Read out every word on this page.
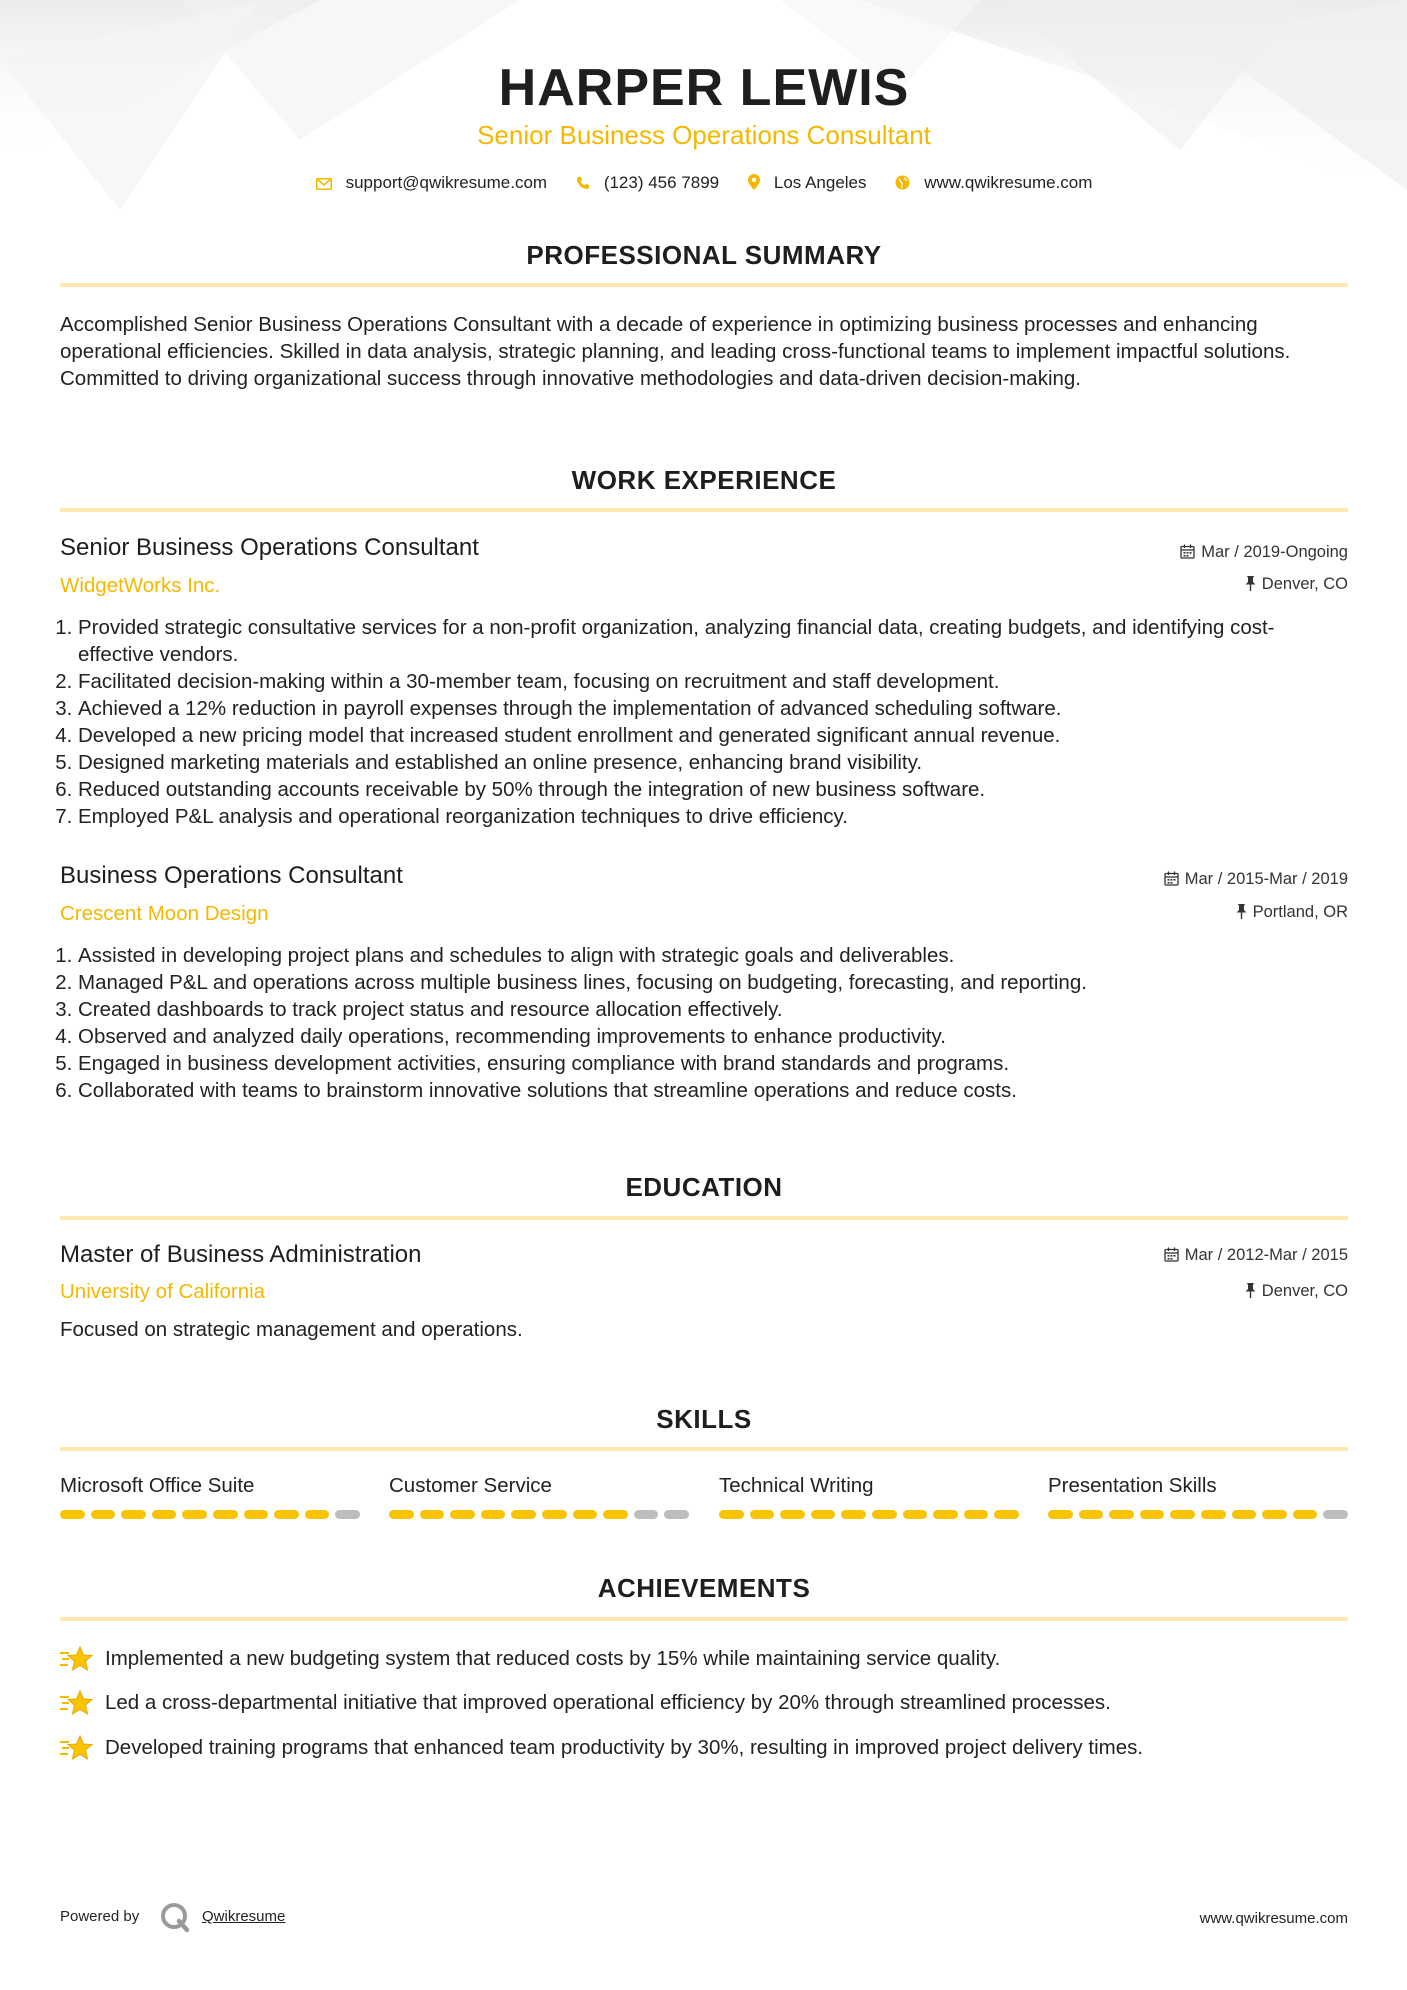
HARPER LEWIS
Senior Business Operations Consultant
support@qwikresume.com	(123) 456 7899	Los Angeles	www.qwikresume.com
PROFESSIONAL SUMMARY
Accomplished Senior Business Operations Consultant with a decade of experience in optimizing business processes and enhancing operational efficiencies. Skilled in data analysis, strategic planning, and leading cross-functional teams to implement impactful solutions. Committed to driving organizational success through innovative methodologies and data-driven decision-making.
WORK EXPERIENCE
Senior Business Operations Consultant	Mar / 2019-Ongoing
WidgetWorks Inc.	Denver, CO
1. Provided strategic consultative services for a non-profit organization, analyzing financial data, creating budgets, and identifying cost-effective vendors.
2. Facilitated decision-making within a 30-member team, focusing on recruitment and staff development.
3. Achieved a 12% reduction in payroll expenses through the implementation of advanced scheduling software.
4. Developed a new pricing model that increased student enrollment and generated significant annual revenue.
5. Designed marketing materials and established an online presence, enhancing brand visibility.
6. Reduced outstanding accounts receivable by 50% through the integration of new business software.
7. Employed P&L analysis and operational reorganization techniques to drive efficiency.
Business Operations Consultant	Mar / 2015-Mar / 2019
Crescent Moon Design	Portland, OR
1. Assisted in developing project plans and schedules to align with strategic goals and deliverables.
2. Managed P&L and operations across multiple business lines, focusing on budgeting, forecasting, and reporting.
3. Created dashboards to track project status and resource allocation effectively.
4. Observed and analyzed daily operations, recommending improvements to enhance productivity.
5. Engaged in business development activities, ensuring compliance with brand standards and programs.
6. Collaborated with teams to brainstorm innovative solutions that streamline operations and reduce costs.
EDUCATION
Master of Business Administration	Mar / 2012-Mar / 2015
University of California	Denver, CO
Focused on strategic management and operations.
SKILLS
Microsoft Office Suite	Customer Service	Technical Writing	Presentation Skills
ACHIEVEMENTS
Implemented a new budgeting system that reduced costs by 15% while maintaining service quality.
Led a cross-departmental initiative that improved operational efficiency by 20% through streamlined processes.
Developed training programs that enhanced team productivity by 30%, resulting in improved project delivery times.
Powered by	Qwikresume	www.qwikresume.com
